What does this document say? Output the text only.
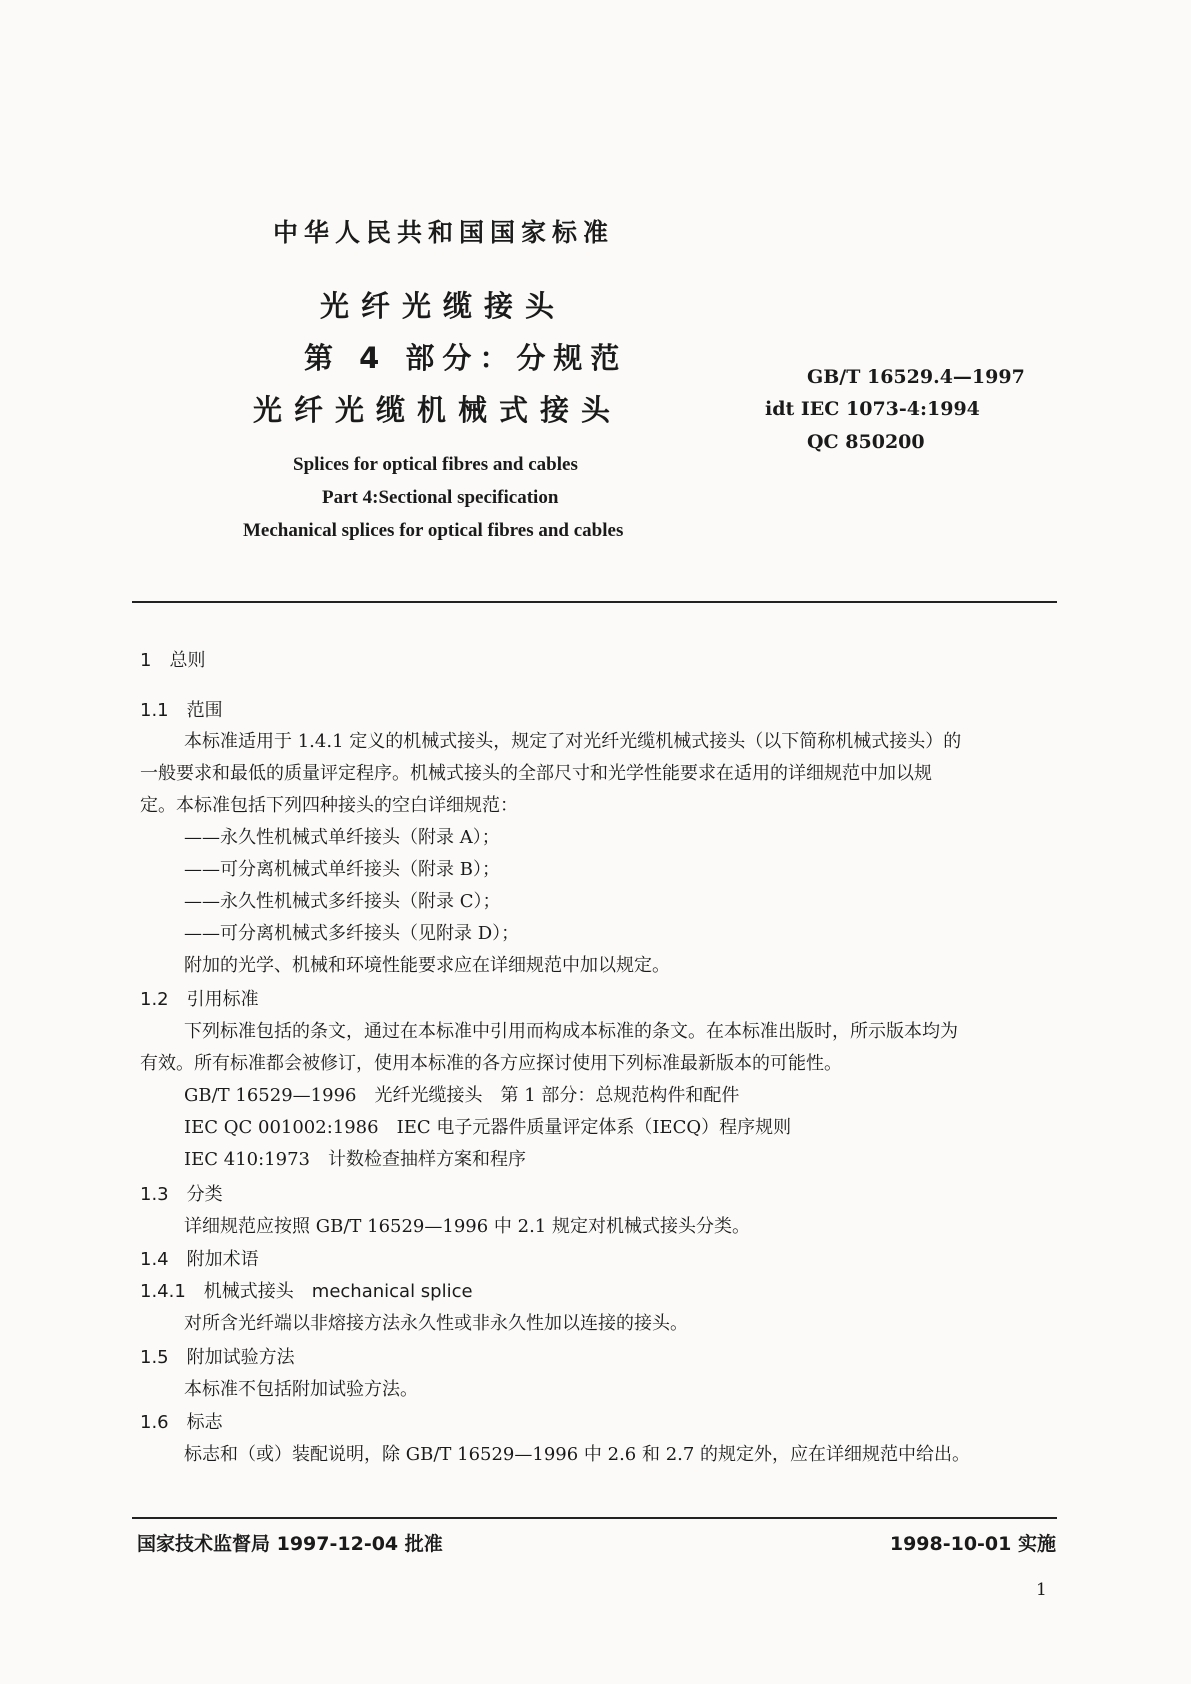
中华人民共和国国家标准
光纤光缆接头
第 4 部分：分规范
光纤光缆机械式接头
GB/T 16529.4—1997
idt IEC 1073-4:1994
QC 850200
Splices for optical fibres and cables
Part 4:Sectional specification
Mechanical splices for optical fibres and cables
1　总则
1.1　范围
本标准适用于 1.4.1 定义的机械式接头，规定了对光纤光缆机械式接头（以下简称机械式接头）的
一般要求和最低的质量评定程序。机械式接头的全部尺寸和光学性能要求在适用的详细规范中加以规
定。本标准包括下列四种接头的空白详细规范：
——永久性机械式单纤接头（附录 A）；
——可分离机械式单纤接头（附录 B）；
——永久性机械式多纤接头（附录 C）；
——可分离机械式多纤接头（见附录 D）；
附加的光学、机械和环境性能要求应在详细规范中加以规定。
1.2　引用标准
下列标准包括的条文，通过在本标准中引用而构成本标准的条文。在本标准出版时，所示版本均为
有效。所有标准都会被修订，使用本标准的各方应探讨使用下列标准最新版本的可能性。
GB/T 16529—1996　光纤光缆接头　第 1 部分：总规范构件和配件
IEC QC 001002:1986　IEC 电子元器件质量评定体系（IECQ）程序规则
IEC 410:1973　计数检查抽样方案和程序
1.3　分类
详细规范应按照 GB/T 16529—1996 中 2.1 规定对机械式接头分类。
1.4　附加术语
1.4.1　机械式接头　mechanical splice
对所含光纤端以非熔接方法永久性或非永久性加以连接的接头。
1.5　附加试验方法
本标准不包括附加试验方法。
1.6　标志
标志和（或）装配说明，除 GB/T 16529—1996 中 2.6 和 2.7 的规定外，应在详细规范中给出。
国家技术监督局 1997-12-04 批准	1998-10-01 实施
1
